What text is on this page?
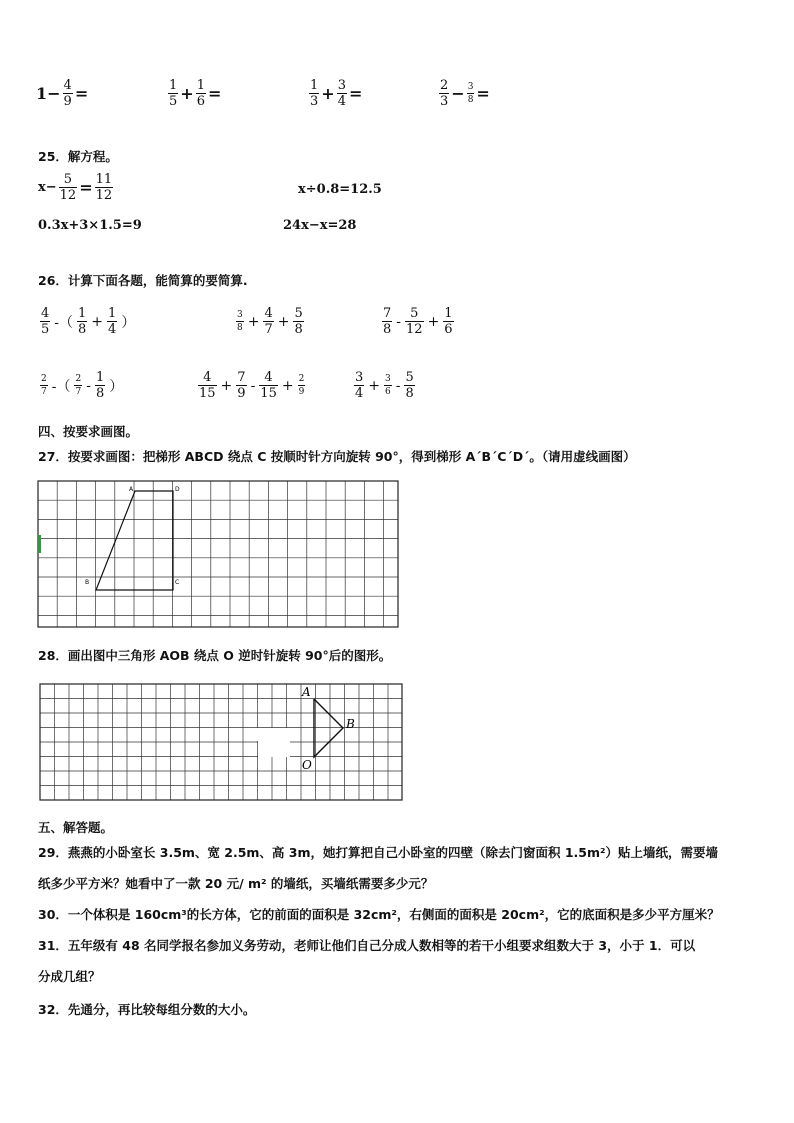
$1 - \frac{4}{9}$ =	$\frac{1}{5} + \frac{1}{6}$ =	$\frac{1}{3} + \frac{3}{4}$ =	$\frac{2}{3} - \frac{3}{8}$ =
25．解方程。
$x- \frac{5}{12} = \frac{11}{12}$	x÷0.8=12.5
0.3x+3×1.5=9	24x−x=28
26．计算下面各题，能简算的要简算.
$\frac{4}{5}$ -（ $\frac{1}{8} + \frac{1}{4}$ ）	$\frac{3}{8} + \frac{4}{7} + \frac{5}{8}$	$\frac{7}{8} - \frac{5}{12} + \frac{1}{6}$
$\frac{2}{7}$ -（ $\frac{2}{7} - \frac{1}{8}$ ）	$\frac{4}{15} + \frac{7}{9} - \frac{4}{15} + \frac{2}{9}$	$\frac{3}{4} + \frac{3}{6} - \frac{5}{8}$
四、按要求画图。
27．按要求画图：把梯形 ABCD 绕点 C 按顺时针方向旋转 90°，得到梯形 A´B´C´D´。（请用虚线画图）
A	D
B	C
28．画出图中三角形 AOB 绕点 O 逆时针旋转 90°后的图形。
A
B
O
五、解答题。
29．燕燕的小卧室长 3.5m、宽 2.5m、高 3m，她打算把自己小卧室的四壁（除去门窗面积 1.5m²）贴上墙纸，需要墙
纸多少平方米？她看中了一款 20 元/ m² 的墙纸，买墙纸需要多少元？
30．一个体积是 160cm³的长方体，它的前面的面积是 32cm²，右侧面的面积是 20cm²，它的底面积是多少平方厘米？
31．五年级有 48 名同学报名参加义务劳动，老师让他们自己分成人数相等的若干小组要求组数大于 3，小于 1．可以
分成几组？
32．先通分，再比较每组分数的大小。
